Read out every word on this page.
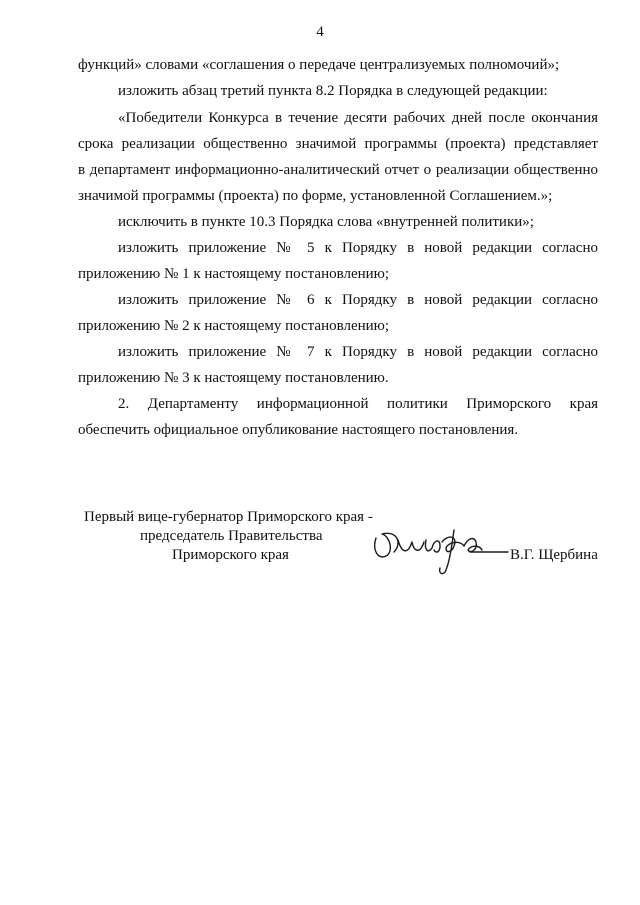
4
функций» словами «соглашения о передаче централизуемых полномочий»;
изложить абзац третий пункта 8.2 Порядка в следующей редакции:
«Победители Конкурса в течение десяти рабочих дней после окончания
срока реализации общественно значимой программы (проекта) представляет
в департамент информационно-аналитический отчет о реализации общественно
значимой программы (проекта) по форме, установленной Соглашением.»;
исключить в пункте 10.3 Порядка слова «внутренней политики»;
изложить приложение № 5 к Порядку в новой редакции согласно
приложению № 1 к настоящему постановлению;
изложить приложение № 6 к Порядку в новой редакции согласно
приложению № 2 к настоящему постановлению;
изложить приложение № 7 к Порядку в новой редакции согласно
приложению № 3 к настоящему постановлению.
2. Департаменту информационной политики Приморского края
обеспечить официальное опубликование настоящего постановления.
Первый вице-губернатор Приморского края -
председатель Правительства
Приморского края	В.Г. Щербина
